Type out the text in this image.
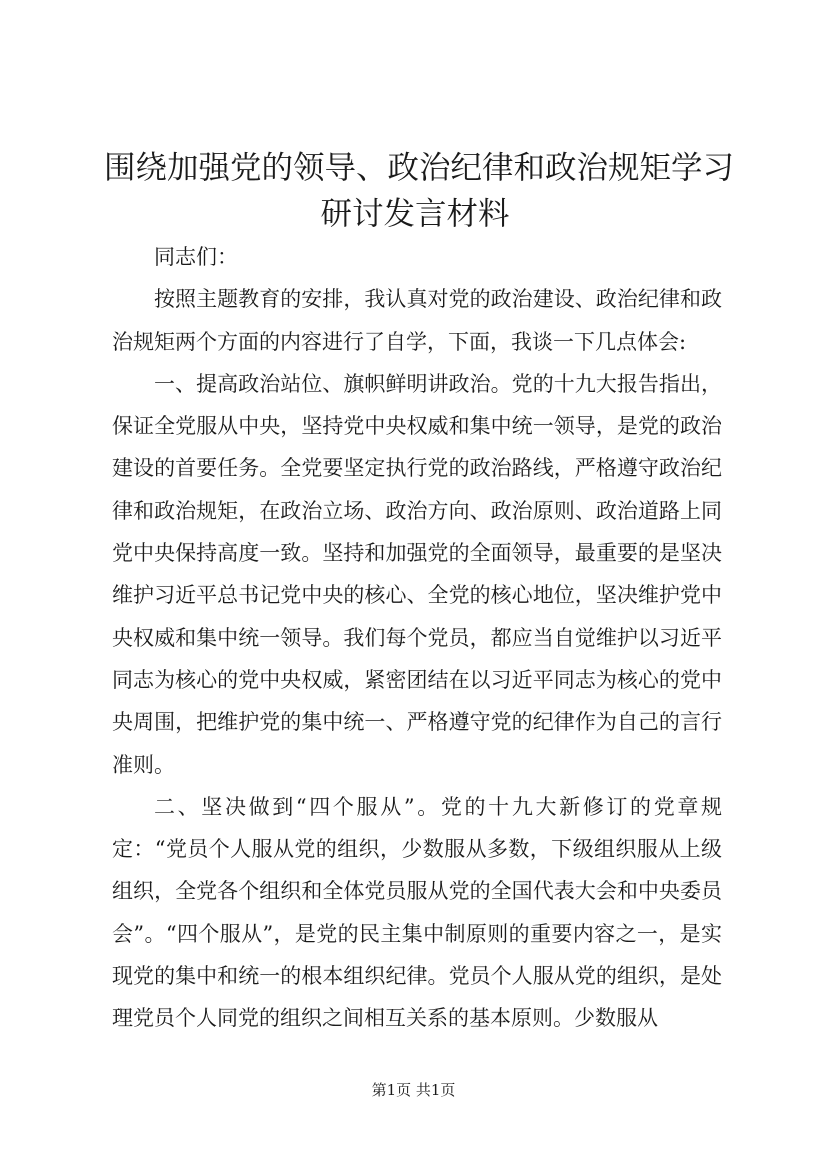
围绕加强党的领导、政治纪律和政治规矩学习
研讨发言材料

同志们：

按照主题教育的安排，我认真对党的政治建设、政治纪律和政治规矩两个方面的内容进行了自学，下面，我谈一下几点体会:

一、提高政治站位、旗帜鲜明讲政治。党的十九大报告指出，保证全党服从中央，坚持党中央权威和集中统一领导，是党的政治建设的首要任务。全党要坚定执行党的政治路线，严格遵守政治纪律和政治规矩，在政治立场、政治方向、政治原则、政治道路上同党中央保持高度一致。坚持和加强党的全面领导，最重要的是坚决维护习近平总书记党中央的核心、全党的核心地位，坚决维护党中央权威和集中统一领导。我们每个党员，都应当自觉维护以习近平同志为核心的党中央权威，紧密团结在以习近平同志为核心的党中央周围，把维护党的集中统一、严格遵守党的纪律作为自己的言行准则。

二、坚决做到“四个服从”。党的十九大新修订的党章规定：“党员个人服从党的组织，少数服从多数，下级组织服从上级组织，全党各个组织和全体党员服从党的全国代表大会和中央委员会”。“四个服从”，是党的民主集中制原则的重要内容之一，是实现党的集中和统一的根本组织纪律。党员个人服从党的组织，是处理党员个人同党的组织之间相互关系的基本原则。少数服从

第1页 共1页
